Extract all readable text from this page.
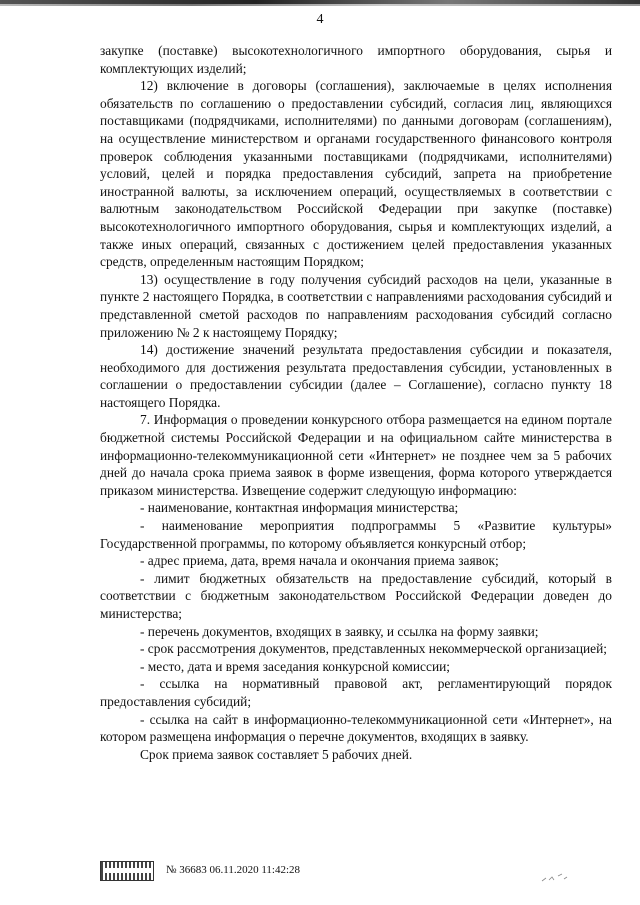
4

закупке (поставке) высокотехнологичного импортного оборудования, сырья и комплектующих изделий;

12) включение в договоры (соглашения), заключаемые в целях исполнения обязательств по соглашению о предоставлении субсидий, согласия лиц, являющихся поставщиками (подрядчиками, исполнителями) по данными договорам (соглашениям), на осуществление министерством и органами государственного финансового контроля проверок соблюдения указанными поставщиками (подрядчиками, исполнителями) условий, целей и порядка предоставления субсидий, запрета на приобретение иностранной валюты, за исключением операций, осуществляемых в соответствии с валютным законодательством Российской Федерации при закупке (поставке) высокотехнологичного импортного оборудования, сырья и комплектующих изделий, а также иных операций, связанных с достижением целей предоставления указанных средств, определенным настоящим Порядком;

13) осуществление в году получения субсидий расходов на цели, указанные в пункте 2 настоящего Порядка, в соответствии с направлениями расходования субсидий и представленной сметой расходов по направлениям расходования субсидий согласно приложению № 2 к настоящему Порядку;

14) достижение значений результата предоставления субсидии и показателя, необходимого для достижения результата предоставления субсидии, установленных в соглашении о предоставлении субсидии (далее – Соглашение), согласно пункту 18 настоящего Порядка.

7. Информация о проведении конкурсного отбора размещается на едином портале бюджетной системы Российской Федерации и на официальном сайте министерства в информационно-телекоммуникационной сети «Интернет» не позднее чем за 5 рабочих дней до начала срока приема заявок в форме извещения, форма которого утверждается приказом министерства. Извещение содержит следующую информацию:

- наименование, контактная информация министерства;

- наименование мероприятия подпрограммы 5 «Развитие культуры» Государственной программы, по которому объявляется конкурсный отбор;

- адрес приема, дата, время начала и окончания приема заявок;

- лимит бюджетных обязательств на предоставление субсидий, который в соответствии с бюджетным законодательством Российской Федерации доведен до министерства;

- перечень документов, входящих в заявку, и ссылка на форму заявки;

- срок рассмотрения документов, представленных некоммерческой организацией;

- место, дата и время заседания конкурсной комиссии;

- ссылка на нормативный правовой акт, регламентирующий порядок предоставления субсидий;

- ссылка на сайт в информационно-телекоммуникационной сети «Интернет», на котором размещена информация о перечне документов, входящих в заявку.

Срок приема заявок составляет 5 рабочих дней.

№ 36683 06.11.2020 11:42:28
